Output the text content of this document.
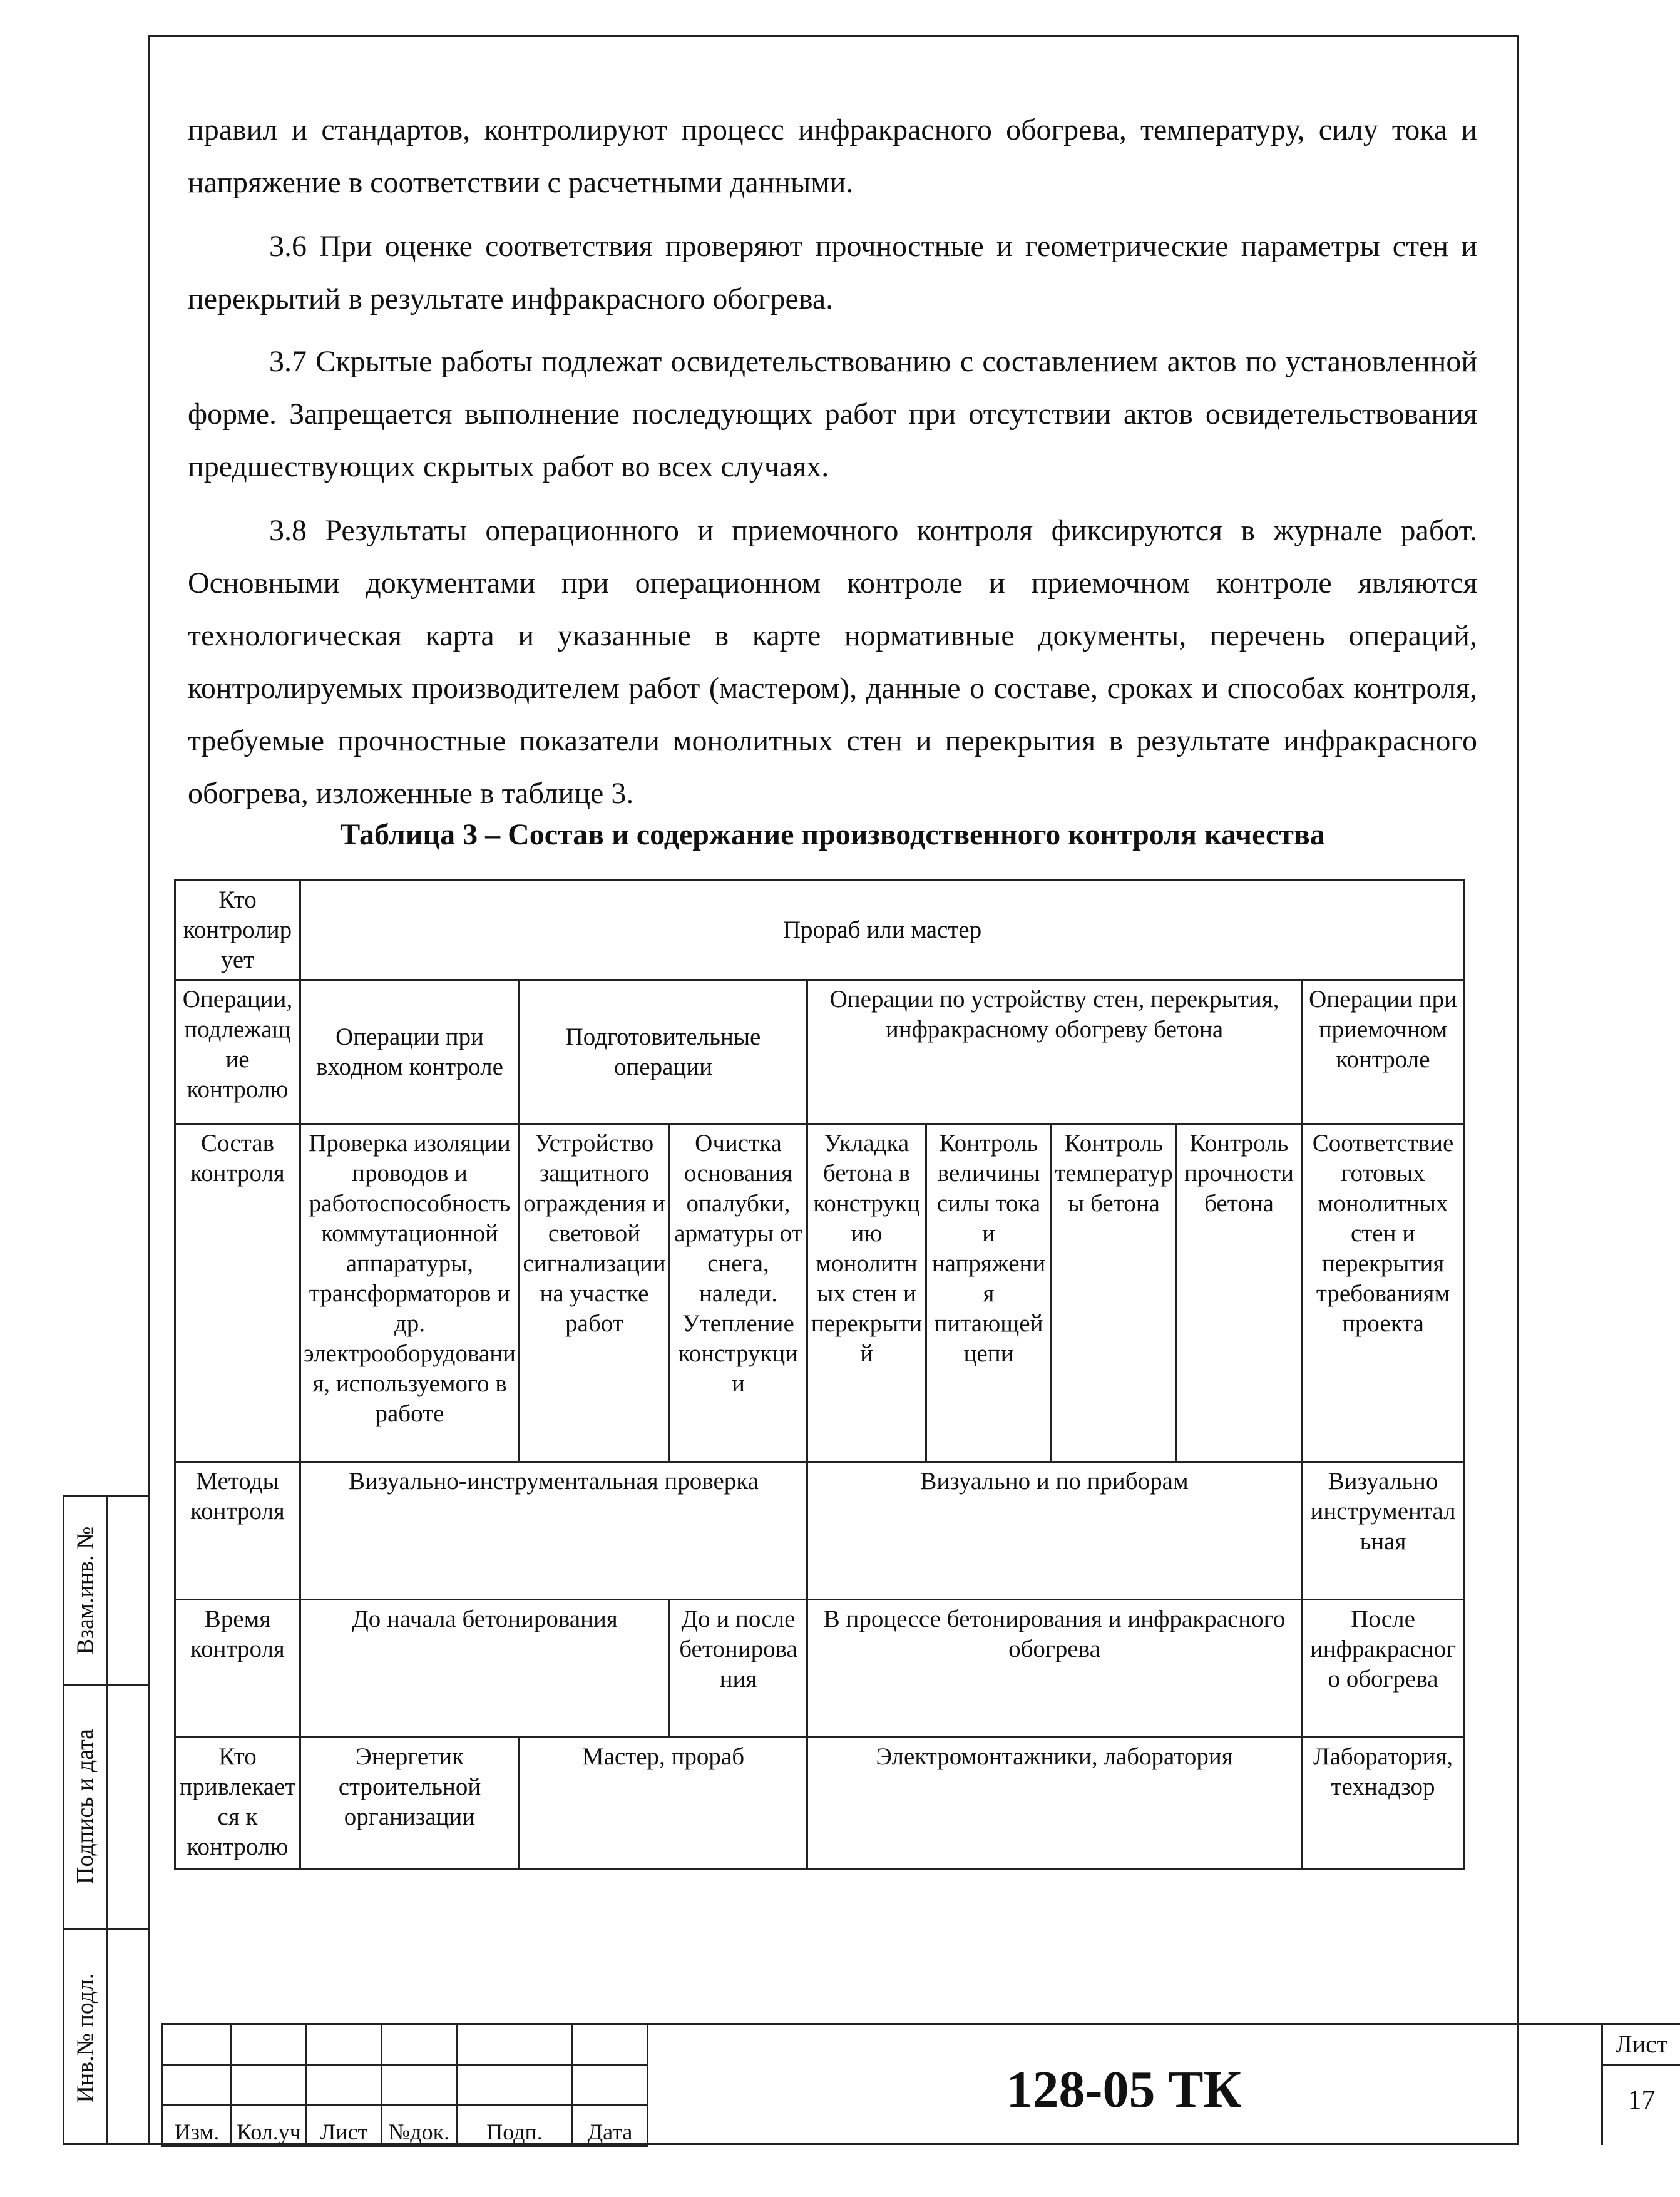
Взам.инв. №
Подпись и дата
Инв.№ подл.

правил и стандартов, контролируют процесс инфракрасного обогрева, температуру, силу тока и напряжение в соответствии с расчетными данными.

3.6 При оценке соответствия проверяют прочностные и геометрические параметры стен и перекрытий в результате инфракрасного обогрева.

3.7 Скрытые работы подлежат освидетельствованию с составлением актов по установленной форме. Запрещается выполнение последующих работ при отсутствии актов освидетельствования предшествующих скрытых работ во всех случаях.

3.8 Результаты операционного и приемочного контроля фиксируются в журнале работ. Основными документами при операционном контроле и приемочном контроле являются технологическая карта и указанные в карте нормативные документы, перечень операций, контролируемых производителем работ (мастером), данные о составе, сроках и способах контроля, требуемые прочностные показатели монолитных стен и перекрытия в результате инфракрасного обогрева, изложенные в таблице 3.

Таблица 3 – Состав и содержание производственного контроля качества
Кто контролирует	Прораб или мастер							
Операции, подлежащие контролю	Операции при входном контроле	Подготовительные операции		Операции по устройству стен, перекрытия, инфракрасному обогреву бетона				Операции при приемочном контроле
Состав контроля	Проверка изоляции проводов и работоспособность коммутационной аппаратуры, трансформаторов и др. электрооборудования, используемого в работе	Устройство защитного ограждения и световой сигнализации на участке работ	Очистка основания опалубки, арматуры от снега, наледи. Утепление конструкции	Укладка бетона в конструкцию монолитных стен и перекрытий	Контроль величины силы тока и напряжения питающей цепи	Контроль температуры бетона	Контроль прочности бетона	Соответствие готовых монолитных стен и перекрытия требованиям проекта
Методы контроля	Визуально-инструментальная проверка			Визуально и по приборам				Визуально инструментальная
Время контроля	До начала бетонирования		До и после бетонирования	В процессе бетонирования и инфракрасного обогрева				После инфракрасного обогрева
Кто привлекается к контролю	Энергетик строительной организации	Мастер, прораб		Электромонтажники, лаборатория				Лаборатория, технадзор

Изм.	Кол.уч	Лист	№док.	Подп.	Дата
128-05 ТК
Лист
17
